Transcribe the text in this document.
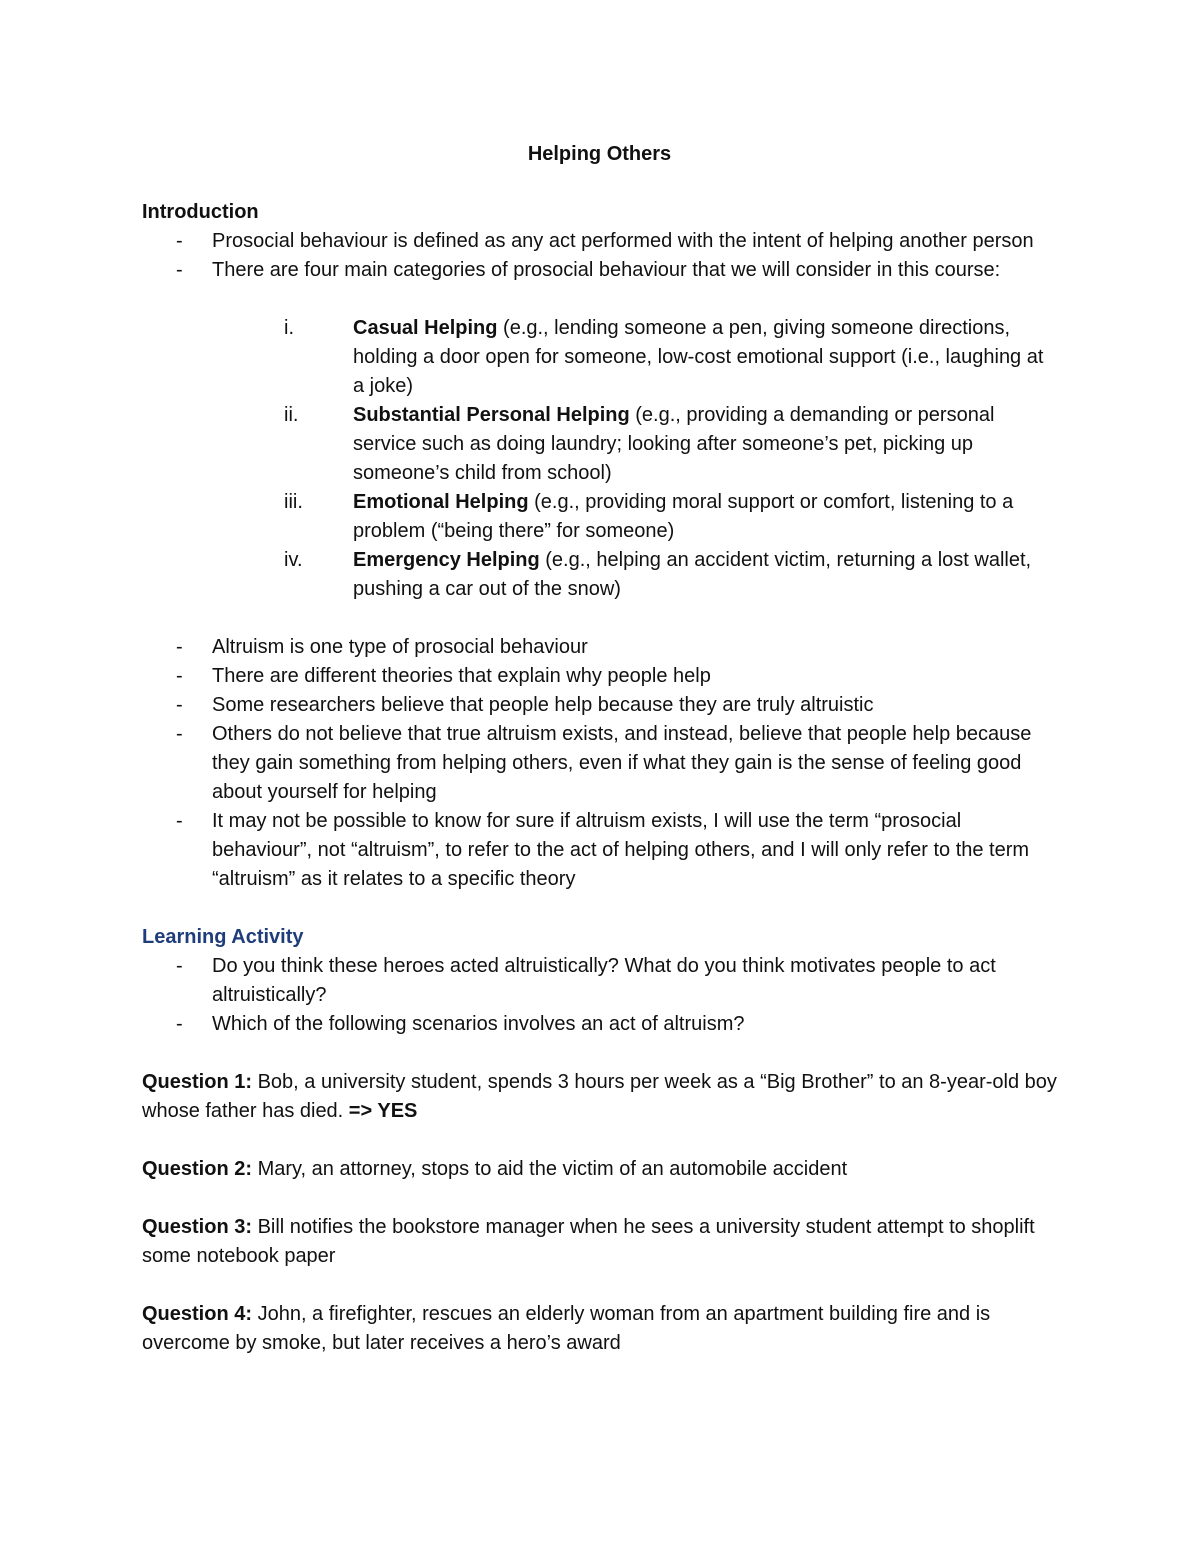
Helping Others

Introduction

- Prosocial behaviour is defined as any act performed with the intent of helping another person
- There are four main categories of prosocial behaviour that we will consider in this course:
i.	Casual Helping (e.g., lending someone a pen, giving someone directions, holding a door open for someone, low-cost emotional support (i.e., laughing at a joke)
ii.	Substantial Personal Helping (e.g., providing a demanding or personal service such as doing laundry; looking after someone’s pet, picking up someone’s child from school)
iii.	Emotional Helping (e.g., providing moral support or comfort, listening to a problem (“being there” for someone)
iv.	Emergency Helping (e.g., helping an accident victim, returning a lost wallet, pushing a car out of the snow)
- Altruism is one type of prosocial behaviour
- There are different theories that explain why people help
- Some researchers believe that people help because they are truly altruistic
- Others do not believe that true altruism exists, and instead, believe that people help because they gain something from helping others, even if what they gain is the sense of feeling good about yourself for helping
- It may not be possible to know for sure if altruism exists, I will use the term “prosocial behaviour”, not “altruism”, to refer to the act of helping others, and I will only refer to the term “altruism” as it relates to a specific theory

Learning Activity

- Do you think these heroes acted altruistically? What do you think motivates people to act altruistically?
- Which of the following scenarios involves an act of altruism?

Question 1: Bob, a university student, spends 3 hours per week as a “Big Brother” to an 8-year-old boy whose father has died. => YES

Question 2: Mary, an attorney, stops to aid the victim of an automobile accident

Question 3: Bill notifies the bookstore manager when he sees a university student attempt to shoplift some notebook paper

Question 4: John, a firefighter, rescues an elderly woman from an apartment building fire and is overcome by smoke, but later receives a hero’s award
